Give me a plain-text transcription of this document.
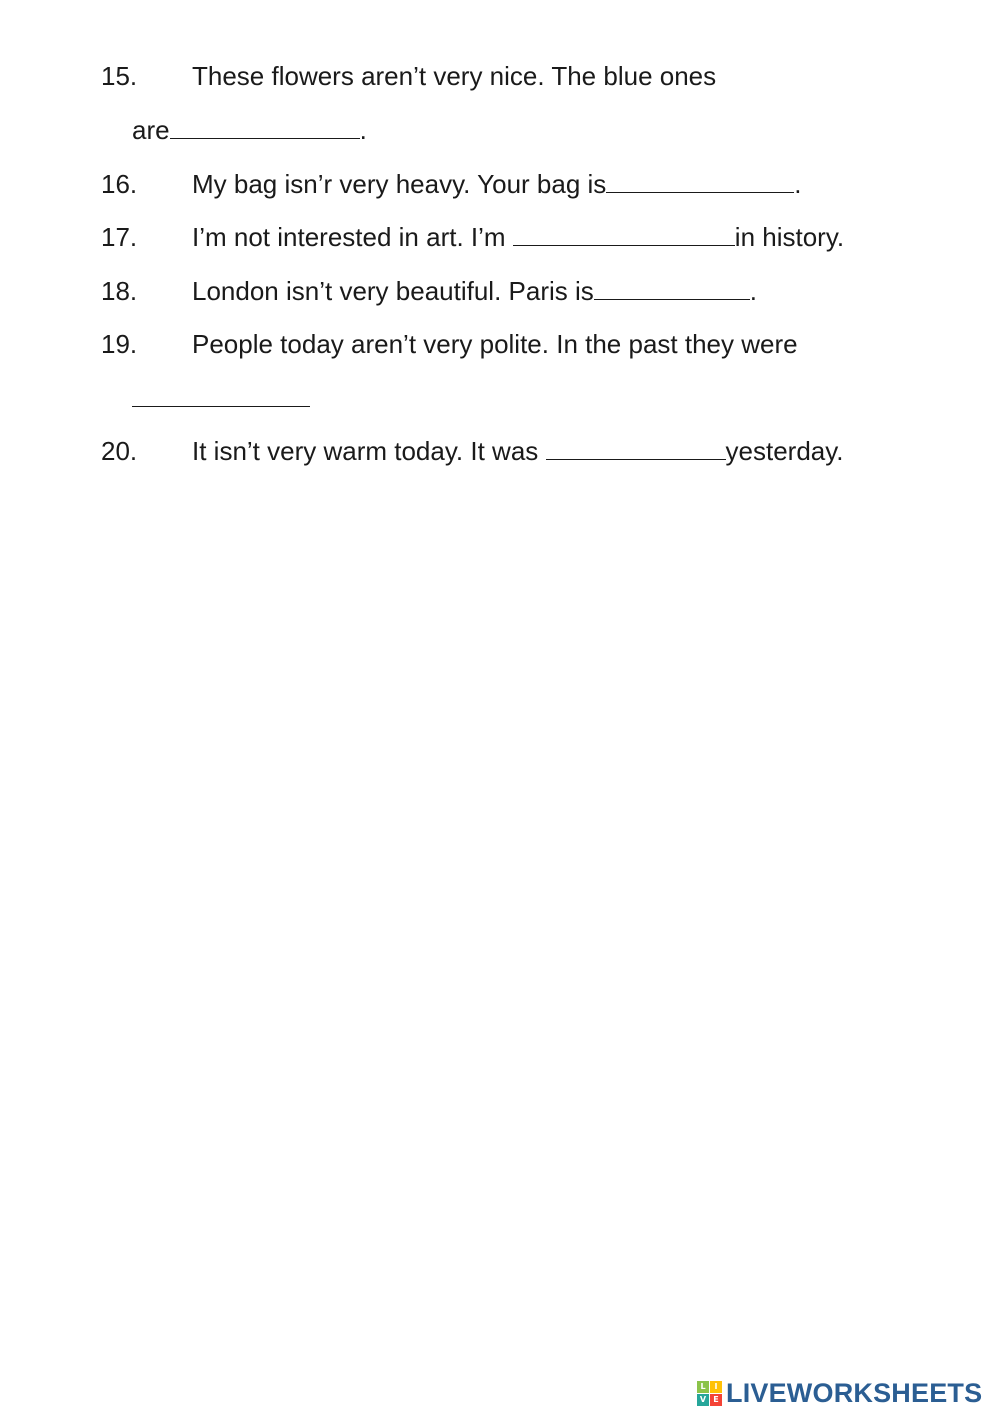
15. These flowers aren’t very nice. The blue ones
are	.
16. My bag isn’r very heavy. Your bag is	.
17. I’m not interested in art. I’m	in history.
18. London isn’t very beautiful. Paris is	.
19. People today aren’t very polite. In the past they were
20. It isn’t very warm today. It was	yesterday.
L	I
V E LIVEWORKSHEETS
